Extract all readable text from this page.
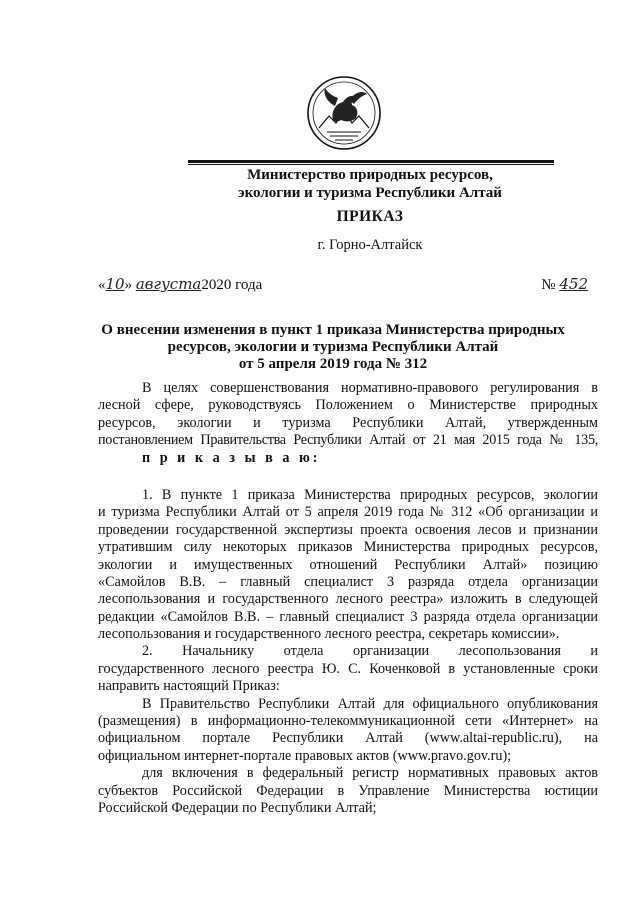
Министерство природных ресурсов,
экологии и туризма Республики Алтай
ПРИКАЗ
г. Горно-Алтайск
«10» августа2020 года	№ 452
О внесении изменения в пункт 1 приказа Министерства природных
ресурсов, экологии и туризма Республики Алтай
от 5 апреля 2019 года № 312
В целях совершенствования нормативно-правового регулирования в
лесной сфере, руководствуясь Положением о Министерстве природных
ресурсов, экологии и туризма Республики Алтай, утвержденным
постановлением Правительства Республики Алтай от 21 мая 2015 года № 135,
п р и к а з ы в а ю:
1. В пункте 1 приказа Министерства природных ресурсов, экологии
и туризма Республики Алтай от 5 апреля 2019 года № 312 «Об организации и
проведении государственной экспертизы проекта освоения лесов и признании
утратившим силу некоторых приказов Министерства природных ресурсов,
экологии и имущественных отношений Республики Алтай» позицию
«Самойлов В.В. – главный специалист 3 разряда отдела организации
лесопользования и государственного лесного реестра» изложить в следующей
редакции «Самойлов В.В. – главный специалист 3 разряда отдела организации
лесопользования и государственного лесного реестра, секретарь комиссии».
2. Начальнику отдела организации лесопользования и
государственного лесного реестра Ю. С. Коченковой в установленные сроки
направить настоящий Приказ:
В Правительство Республики Алтай для официального опубликования
(размещения) в информационно-телекоммуникационной сети «Интернет» на
официальном портале Республики Алтай (www.altai-republic.ru), на
официальном интернет-портале правовых актов (www.pravo.gov.ru);
для включения в федеральный регистр нормативных правовых актов
субъектов Российской Федерации в Управление Министерства юстиции
Российской Федерации по Республики Алтай;
